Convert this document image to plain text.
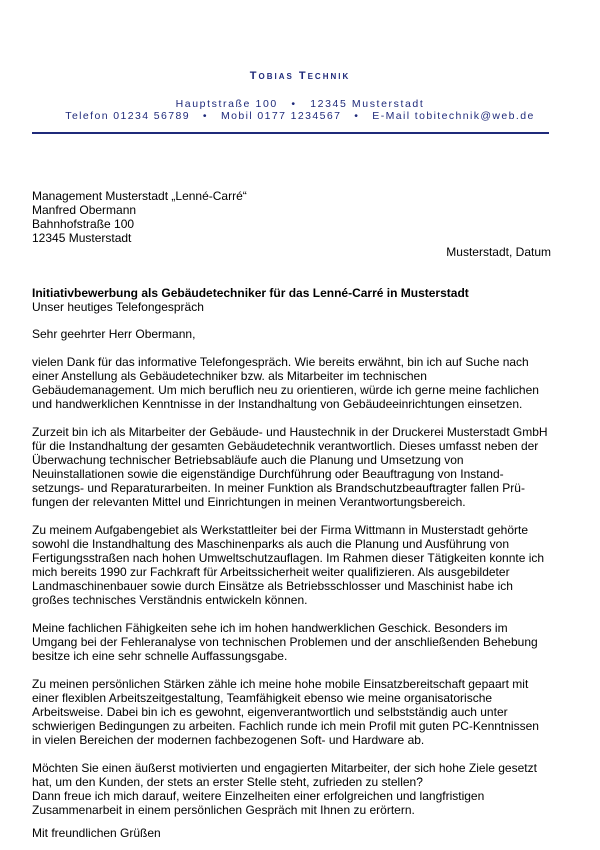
Tobias Technik
Hauptstraße 100   •   12345 Musterstadt
Telefon 01234 56789   •   Mobil 0177 1234567   •   E-Mail tobitechnik@web.de
Management Musterstadt „Lenné-Carré“
Manfred Obermann
Bahnhofstraße 100
12345 Musterstadt
Musterstadt, Datum
Initiativbewerbung als Gebäudetechniker für das Lenné-Carré in Musterstadt
Unser heutiges Telefongespräch
Sehr geehrter Herr Obermann,
vielen Dank für das informative Telefongespräch. Wie bereits erwähnt, bin ich auf Suche nach
einer Anstellung als Gebäudetechniker bzw. als Mitarbeiter im technischen
Gebäudemanagement. Um mich beruflich neu zu orientieren, würde ich gerne meine fachlichen
und handwerklichen Kenntnisse in der Instandhaltung von Gebäudeeinrichtungen einsetzen.
Zurzeit bin ich als Mitarbeiter der Gebäude- und Haustechnik in der Druckerei Musterstadt GmbH
für die Instandhaltung der gesamten Gebäudetechnik verantwortlich. Dieses umfasst neben der
Überwachung technischer Betriebsabläufe auch die Planung und Umsetzung von
Neuinstallationen sowie die eigenständige Durchführung oder Beauftragung von Instand-
setzungs- und Reparaturarbeiten. In meiner Funktion als Brandschutzbeauftragter fallen Prü-
fungen der relevanten Mittel und Einrichtungen in meinen Verantwortungsbereich.
Zu meinem Aufgabengebiet als Werkstattleiter bei der Firma Wittmann in Musterstadt gehörte
sowohl die Instandhaltung des Maschinenparks als auch die Planung und Ausführung von
Fertigungsstraßen nach hohen Umweltschutzauflagen. Im Rahmen dieser Tätigkeiten konnte ich
mich bereits 1990 zur Fachkraft für Arbeitssicherheit weiter qualifizieren. Als ausgebildeter
Landmaschinenbauer sowie durch Einsätze als Betriebsschlosser und Maschinist habe ich
großes technisches Verständnis entwickeln können.
Meine fachlichen Fähigkeiten sehe ich im hohen handwerklichen Geschick. Besonders im
Umgang bei der Fehleranalyse von technischen Problemen und der anschließenden Behebung
besitze ich eine sehr schnelle Auffassungsgabe.
Zu meinen persönlichen Stärken zähle ich meine hohe mobile Einsatzbereitschaft gepaart mit
einer flexiblen Arbeitszeitgestaltung, Teamfähigkeit ebenso wie meine organisatorische
Arbeitsweise. Dabei bin ich es gewohnt, eigenverantwortlich und selbstständig auch unter
schwierigen Bedingungen zu arbeiten. Fachlich runde ich mein Profil mit guten PC-Kenntnissen
in vielen Bereichen der modernen fachbezogenen Soft- und Hardware ab.
Möchten Sie einen äußerst motivierten und engagierten Mitarbeiter, der sich hohe Ziele gesetzt
hat, um den Kunden, der stets an erster Stelle steht, zufrieden zu stellen?
Dann freue ich mich darauf, weitere Einzelheiten einer erfolgreichen und langfristigen
Zusammenarbeit in einem persönlichen Gespräch mit Ihnen zu erörtern.
Mit freundlichen Grüßen
